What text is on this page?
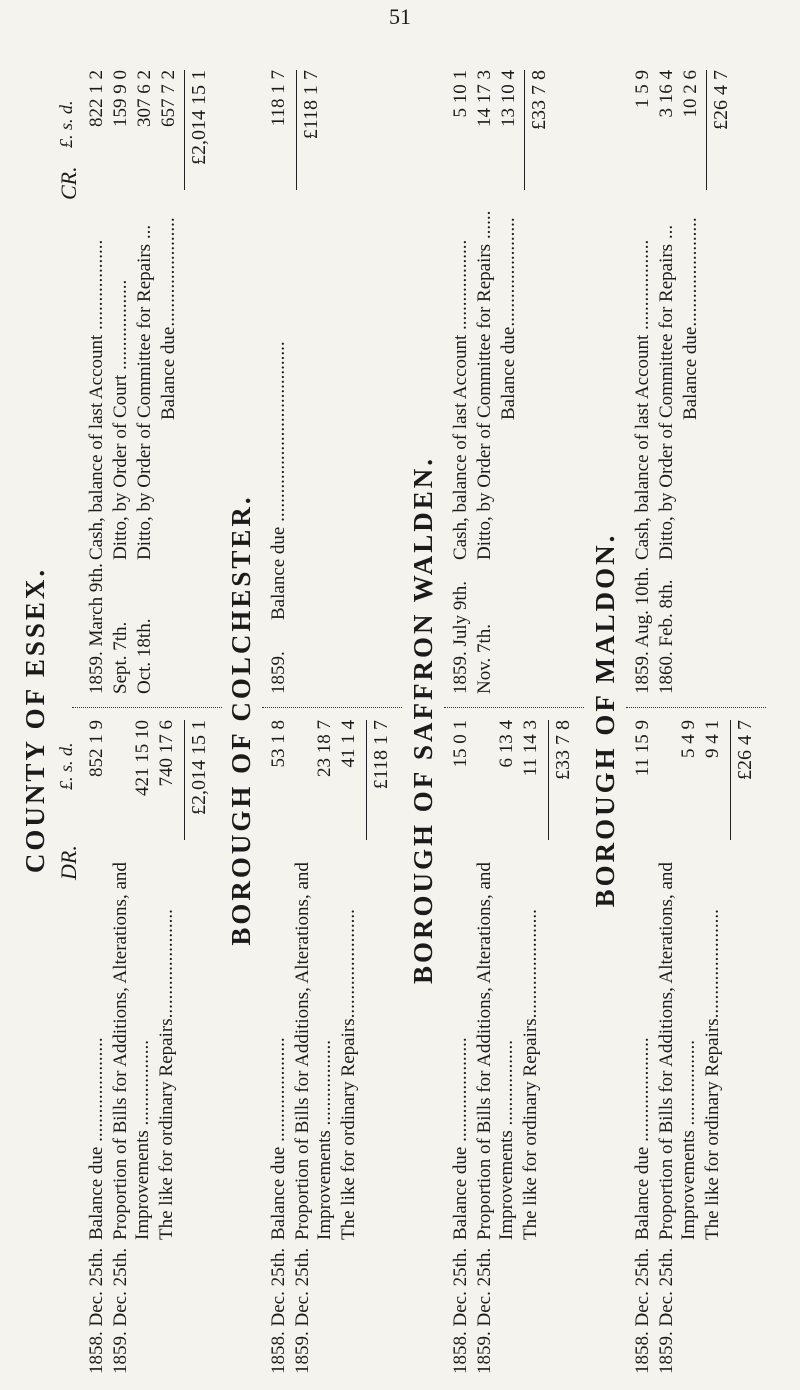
51
COUNTY OF ESSEX. DR.
CR.
£. s. d.
£. s. d.
1858. Dec. 25th.
Balance due ......................
852 1 9
1859. Dec. 25th.
Proportion of Bills for Additions, Alterations, and Improvements ..................
421 15 10
The like for ordinary Repairs.......................
740 17 6 £2,014 15 1
1859. March 9th.
Cash, balance of last Account ...................
822 1 2
Sept. 7th.
Ditto, by Order of Court ...................
159 9 0
Oct. 18th.
Ditto, by Order of Committee for Repairs ...
307 6 2
Balance due.......................
657 7 2 £2,014 15 1
BOROUGH OF COLCHESTER.
1858. Dec. 25th.
Balance due ......................
53 1 8
1859. Dec. 25th.
Proportion of Bills for Additions, Alterations, and Improvements ..................
23 18 7
The like for ordinary Repairs.......................
41 1 4 £118 1 7
1859.
Balance due ......................................
118 1 7 £118 1 7
BOROUGH OF SAFFRON WALDEN.
1858. Dec. 25th.
Balance due ......................
15 0 1
1859. Dec. 25th.
Proportion of Bills for Additions, Alterations, and Improvements ..................
6 13 4
The like for ordinary Repairs.......................
11 14 3 £33 7 8
1859. July 9th.
Cash, balance of last Account ...................
5 10 1
Nov. 7th.
Ditto, by Order of Committee for Repairs ......
14 17 3
Balance due.......................
13 10 4 £33 7 8
BOROUGH OF MALDON.
1858. Dec. 25th.
Balance due ......................
11 15 9
1859. Dec. 25th.
Proportion of Bills for Additions, Alterations, and Improvements ..................
5 4 9
The like for ordinary Repairs.......................
9 4 1 £26 4 7
1859. Aug. 10th.
Cash, balance of last Account ...................
1 5 9
1860. Feb. 8th.
Ditto, by Order of Committee for Repairs ...
3 16 4
Balance due.......................
10 2 6 £26 4 7
